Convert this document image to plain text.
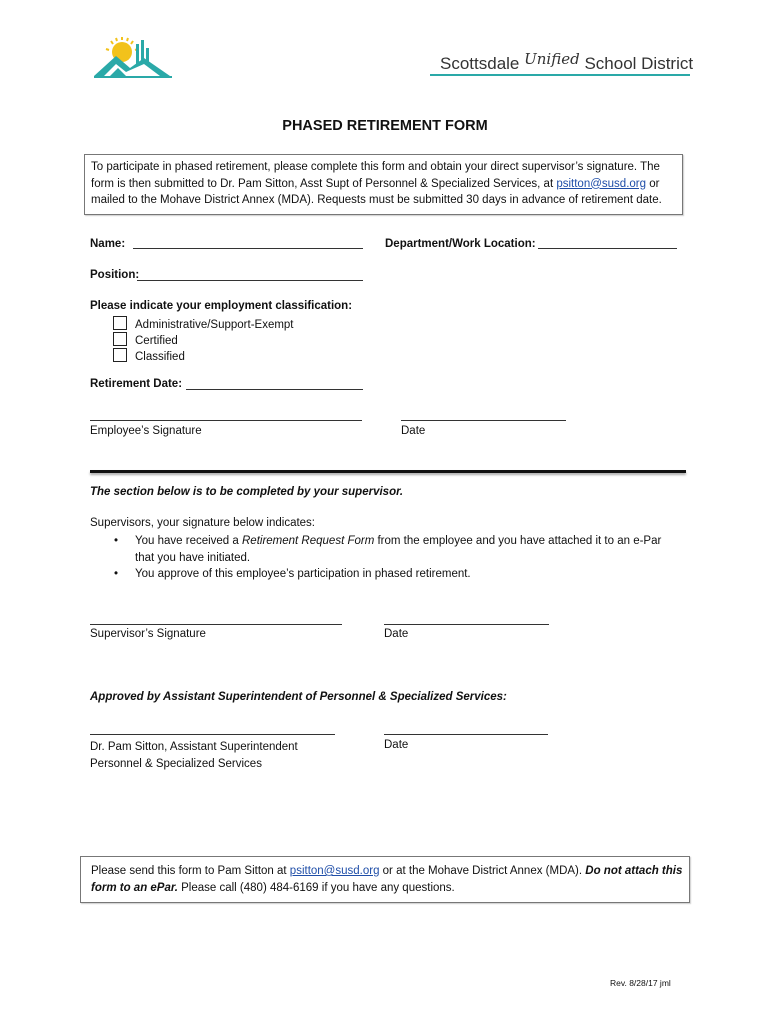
Scottsdale Unified School District
PHASED RETIREMENT FORM
To participate in phased retirement, please complete this form and obtain your direct supervisor’s signature. The form is then submitted to Dr. Pam Sitton, Asst Supt of Personnel & Specialized Services, at psitton@susd.org or mailed to the Mohave District Annex (MDA). Requests must be submitted 30 days in advance of retirement date.
Name:	Department/Work Location:
Position:
Please indicate your employment classification:
Administrative/Support-Exempt
Certified
Classified
Retirement Date:
Employee’s Signature	Date
The section below is to be completed by your supervisor.
Supervisors, your signature below indicates:
• You have received a Retirement Request Form from the employee and you have attached it to an e-Par that you have initiated.
• You approve of this employee’s participation in phased retirement.
Supervisor’s Signature	Date
Approved by Assistant Superintendent of Personnel & Specialized Services:
Dr. Pam Sitton, Assistant Superintendent
Personnel & Specialized Services
Date
Please send this form to Pam Sitton at psitton@susd.org or at the Mohave District Annex (MDA). Do not attach this form to an ePar. Please call (480) 484-6169 if you have any questions.
Rev. 8/28/17 jml
